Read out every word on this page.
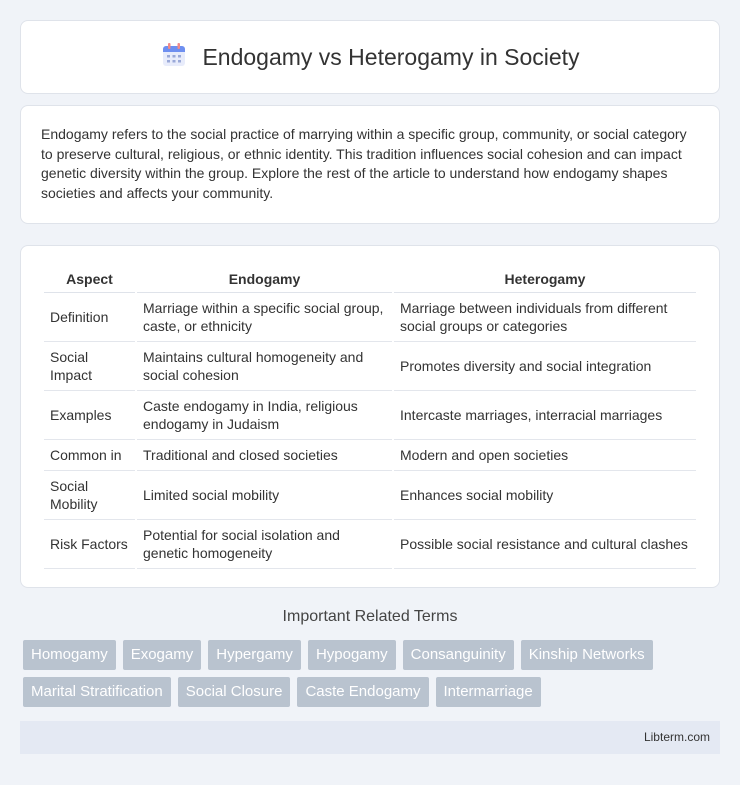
Endogamy vs Heterogamy in Society

Endogamy refers to the social practice of marrying within a specific group, community, or social category to preserve cultural, religious, or ethnic identity. This tradition influences social cohesion and can impact genetic diversity within the group. Explore the rest of the article to understand how endogamy shapes societies and affects your community.

Aspect	Endogamy	Heterogamy
Definition	Marriage within a specific social group, caste, or ethnicity	Marriage between individuals from different social groups or categories
Social Impact	Maintains cultural homogeneity and social cohesion	Promotes diversity and social integration
Examples	Caste endogamy in India, religious endogamy in Judaism	Intercaste marriages, interracial marriages
Common in	Traditional and closed societies	Modern and open societies
Social Mobility	Limited social mobility	Enhances social mobility
Risk Factors	Potential for social isolation and genetic homogeneity	Possible social resistance and cultural clashes
Important Related Terms
Homogamy	Exogamy	Hypergamy	Hypogamy	Consanguinity	Kinship Networks
Marital Stratification	Social Closure	Caste Endogamy	Intermarriage
Libterm.com
